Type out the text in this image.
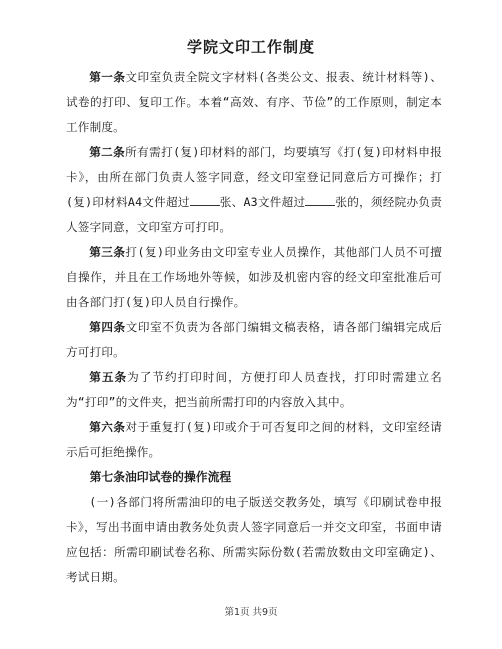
学院文印工作制度

第一条文印室负责全院文字材料(各类公文、报表、统计材料等)、试卷的打印、复印工作。本着“高效、有序、节俭”的工作原则，制定本工作制度。

第二条所有需打(复)印材料的部门，均要填写《打(复)印材料申报卡》，由所在部门负责人签字同意，经文印室登记同意后方可操作；打(复)印材料A4文件超过	张、A3文件超过	张的，须经院办负责人签字同意，文印室方可打印。

第三条打(复)印业务由文印室专业人员操作，其他部门人员不可擅自操作，并且在工作场地外等候，如涉及机密内容的经文印室批准后可由各部门打(复)印人员自行操作。

第四条文印室不负责为各部门编辑文稿表格，请各部门编辑完成后方可打印。

第五条为了节约打印时间，方便打印人员查找，打印时需建立名为“打印”的文件夹，把当前所需打印的内容放入其中。

第六条对于重复打(复)印或介于可否复印之间的材料，文印室经请示后可拒绝操作。

第七条油印试卷的操作流程

(一)各部门将所需油印的电子版送交教务处，填写《印刷试卷申报卡》，写出书面申请由教务处负责人签字同意后一并交文印室，书面申请应包括：所需印刷试卷名称、所需实际份数(若需放数由文印室确定)、考试日期。

第1页 共9页
